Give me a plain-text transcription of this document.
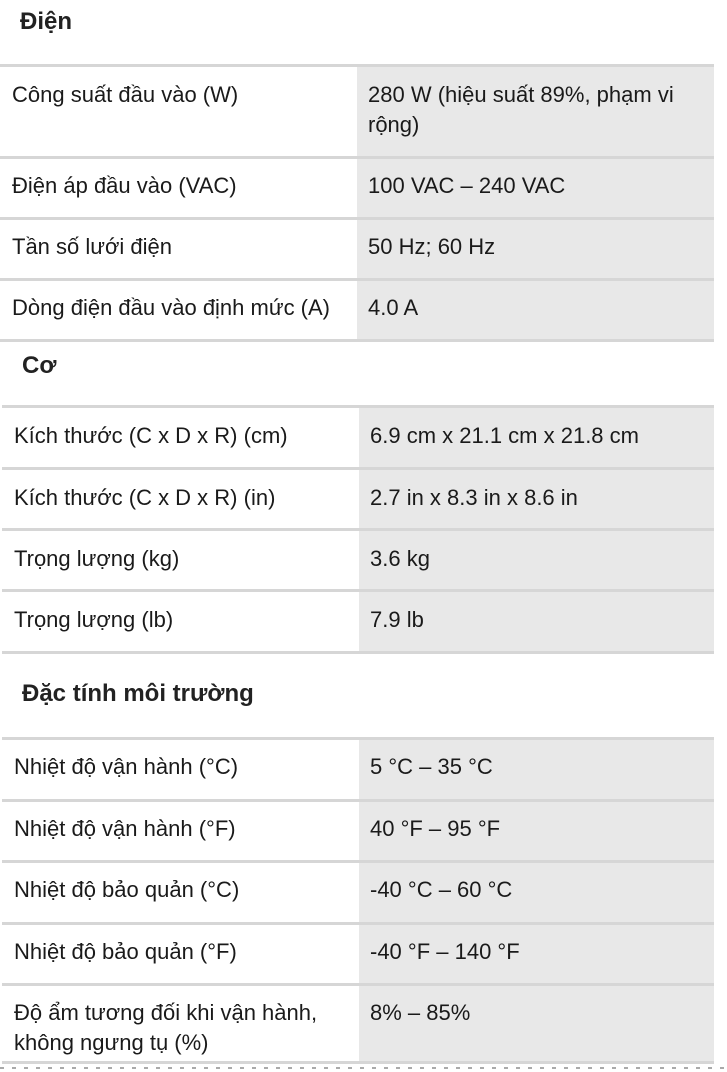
Điện
Công suất đầu vào (W)	280 W (hiệu suất 89%, phạm vi rộng)

Điện áp đầu vào (VAC)	100 VAC – 240 VAC

Tần số lưới điện	50 Hz; 60 Hz

Dòng điện đầu vào định mức (A)	4.0 A
Cơ
Kích thước (C x D x R) (cm)	6.9 cm x 21.1 cm x 21.8 cm

Kích thước (C x D x R) (in)	2.7 in x 8.3 in x 8.6 in

Trọng lượng (kg)	3.6 kg

Trọng lượng (lb)	7.9 lb
Đặc tính môi trường
Nhiệt độ vận hành (°C)	5 °C – 35 °C

Nhiệt độ vận hành (°F)	40 °F – 95 °F

Nhiệt độ bảo quản (°C)	-40 °C – 60 °C

Nhiệt độ bảo quản (°F)	-40 °F – 140 °F

Độ ẩm tương đối khi vận hành, không ngưng tụ (%)	8% – 85%
